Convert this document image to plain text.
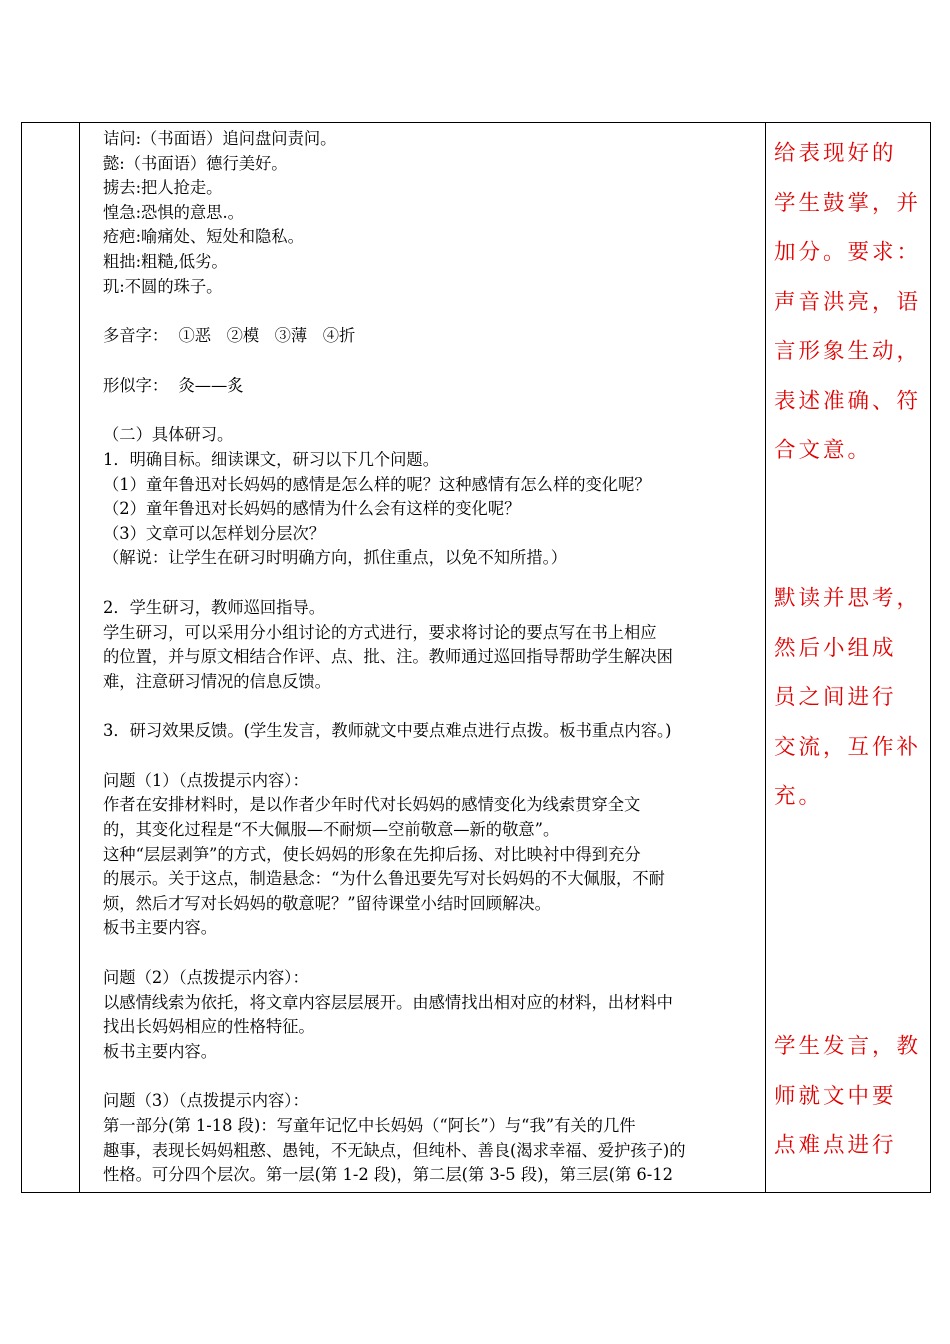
诘问:（书面语）追问盘问责问。
懿:（书面语）德行美好。
掳去:把人抢走。
惶急:恐惧的意思.。
疮疤:喻痛处、短处和隐私。
粗拙:粗糙,低劣。
玑:不圆的珠子。
多音字：  ①恶   ②模   ③薄   ④折
形似字：  灸——炙
（二）具体研习。
1．明确目标。细读课文，研习以下几个问题。
（1）童年鲁迅对长妈妈的感情是怎么样的呢？这种感情有怎么样的变化呢？
（2）童年鲁迅对长妈妈的感情为什么会有这样的变化呢？
（3）文章可以怎样划分层次？
（解说：让学生在研习时明确方向，抓住重点，以免不知所措。）
2．学生研习，教师巡回指导。
学生研习，可以采用分小组讨论的方式进行，要求将讨论的要点写在书上相应
的位置，并与原文相结合作评、点、批、注。教师通过巡回指导帮助学生解决困
难，注意研习情况的信息反馈。
3．研习效果反馈。(学生发言，教师就文中要点难点进行点拨。板书重点内容。)
问题（1）（点拨提示内容）：
作者在安排材料时，是以作者少年时代对长妈妈的感情变化为线索贯穿全文
的，其变化过程是“不大佩服—不耐烦—空前敬意—新的敬意”。
这种“层层剥笋”的方式，使长妈妈的形象在先抑后扬、对比映衬中得到充分
的展示。关于这点，制造悬念：“为什么鲁迅要先写对长妈妈的不大佩服，不耐
烦，然后才写对长妈妈的敬意呢？”留待课堂小结时回顾解决。
板书主要内容。
问题（2）（点拨提示内容）：
以感情线索为依托，将文章内容层层展开。由感情找出相对应的材料，出材料中
找出长妈妈相应的性格特征。
板书主要内容。
问题（3）（点拨提示内容）：
第一部分(第 1-18 段)：写童年记忆中长妈妈（“阿长”）与“我”有关的几件
趣事，表现长妈妈粗憨、愚钝，不无缺点，但纯朴、善良(渴求幸福、爱护孩子)的
性格。可分四个层次。第一层(第 1-2 段)，第二层(第 3-5 段)，第三层(第 6-12
给表现好的
学生鼓掌，并
加分。要求：
声音洪亮，语
言形象生动，
表述准确、符
合文意。
默读并思考，
然后小组成
员之间进行
交流，互作补
充。
学生发言，教
师就文中要
点难点进行
